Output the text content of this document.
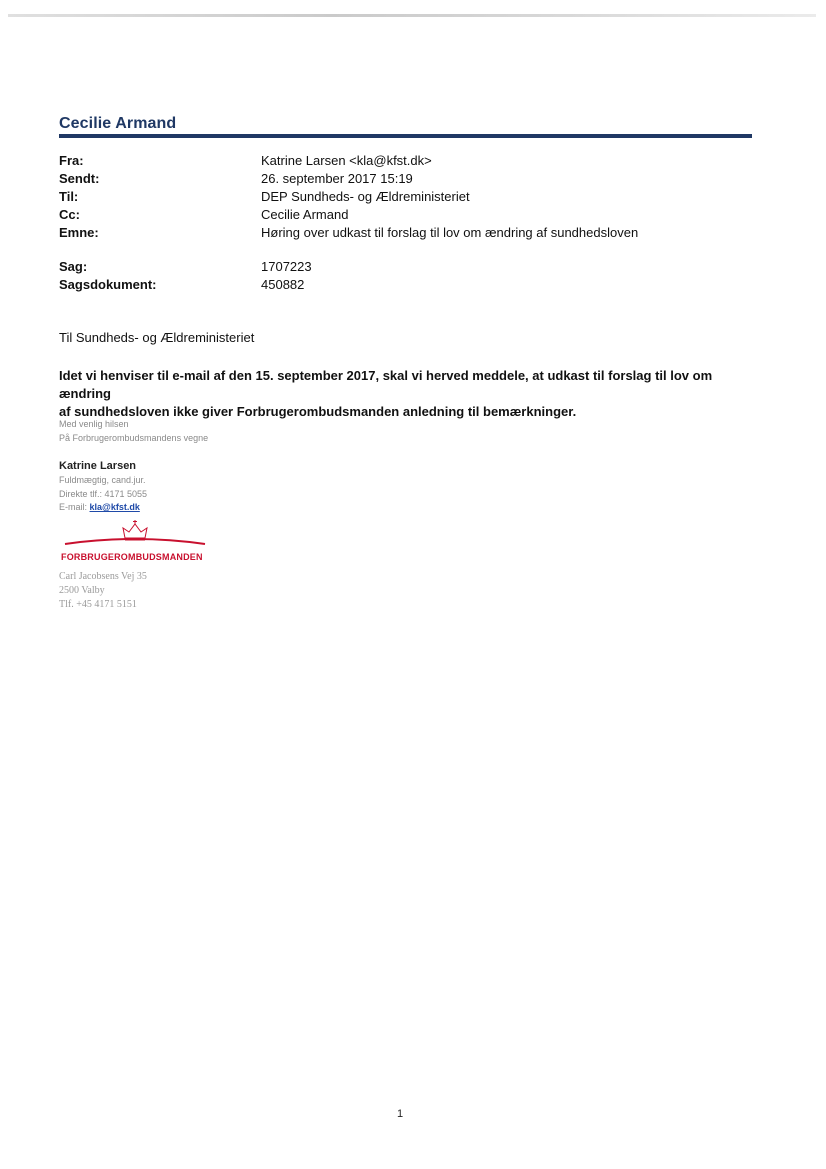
Cecilie Armand
Fra:	Katrine Larsen <kla@kfst.dk>
Sendt:	26. september 2017 15:19
Til:	DEP Sundheds- og Ældreministeriet
Cc:	Cecilie Armand
Emne:	Høring over udkast til forslag til lov om ændring af sundhedsloven
Sag:	1707223
Sagsdokument:	450882
Til Sundheds- og Ældreministeriet
Idet vi henviser til e-mail af den 15. september 2017, skal vi herved meddele, at udkast til forslag til lov om ændring
af sundhedsloven ikke giver Forbrugerombudsmanden anledning til bemærkninger.
Med venlig hilsen
På Forbrugerombudsmandens vegne
Katrine Larsen
Fuldmægtig, cand.jur.
Direkte tlf.: 4171 5055
E-mail: kla@kfst.dk
FORBRUGEROMBUDSMANDEN
Carl Jacobsens Vej 35
2500 Valby
Tlf. +45 4171 5151
1
